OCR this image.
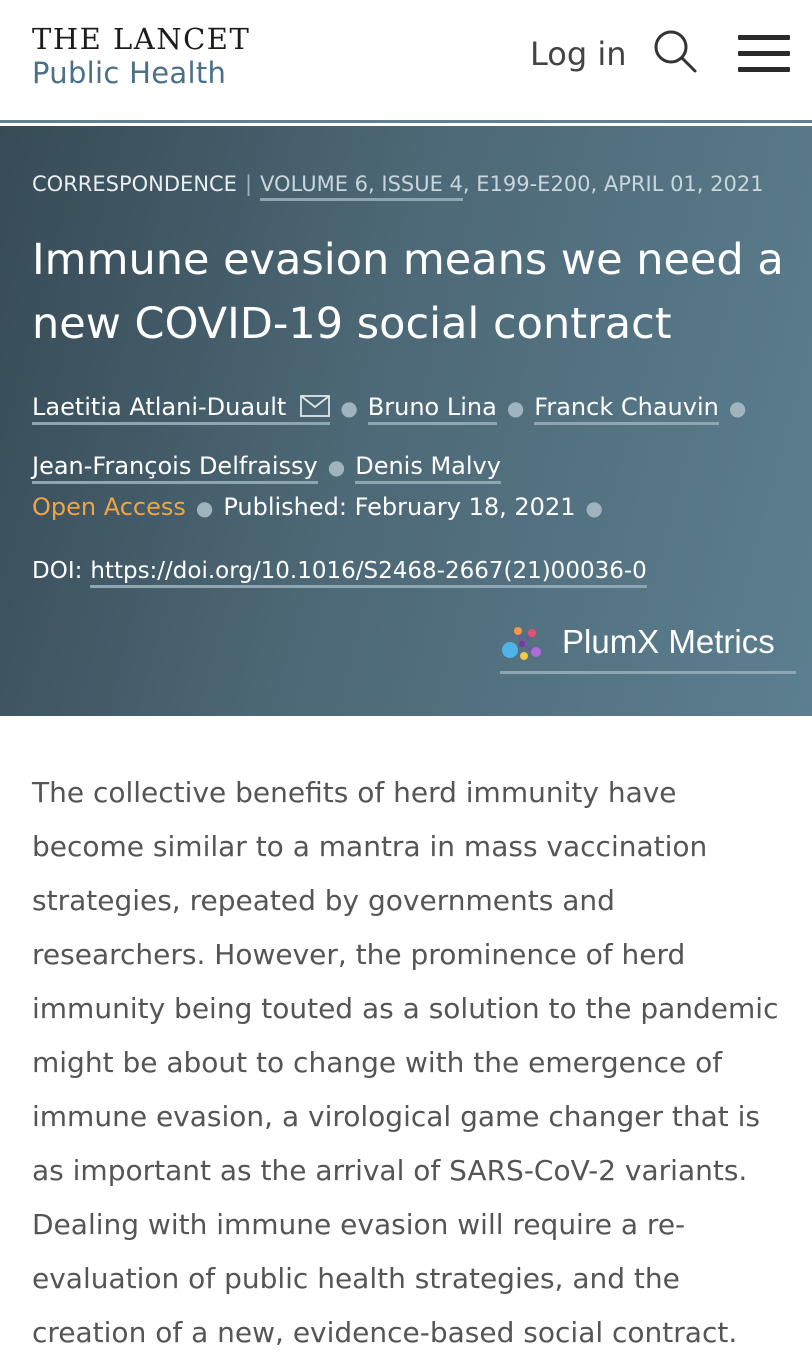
THE LANCET
Public Health	Log in
CORRESPONDENCE | VOLUME 6, ISSUE 4, E199-E200, APRIL 01, 2021
Immune evasion means we need a new COVID-19 social contract
Laetitia Atlani-Duault	● Bruno Lina ● Franck Chauvin ●
Jean-François Delfraissy ● Denis Malvy
Open Access ● Published: February 18, 2021 ●
DOI: https://doi.org/10.1016/S2468-2667(21)00036-0
PlumX Metrics

The collective benefits of herd immunity have become similar to a mantra in mass vaccination strategies, repeated by governments and researchers. However, the prominence of herd immunity being touted as a solution to the pandemic might be about to change with the emergence of immune evasion, a virological game changer that is as important as the arrival of SARS-CoV-2 variants. Dealing with immune evasion will require a re-evaluation of public health strategies, and the creation of a new, evidence-based social contract.
